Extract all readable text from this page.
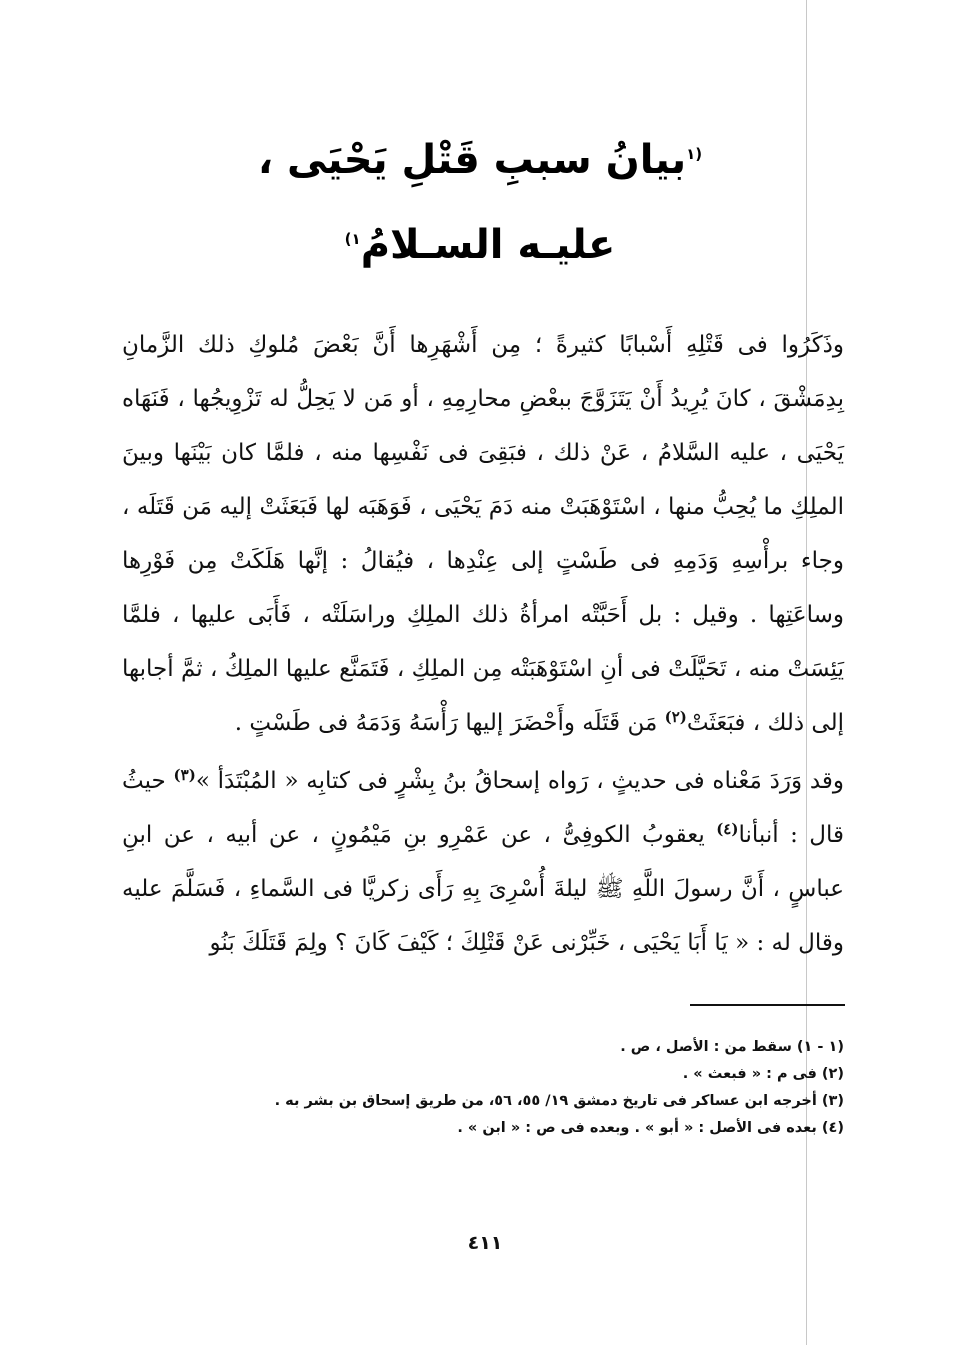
$^{(١}$بيانُ سببِ قَتْلِ يَحْيَى ،
عليـه السـلامُ$^{١)}$

وذَكَرُوا فى قَتْلِهِ أَسْبابًا كثيرةً ؛ مِن أَشْهَرِها أَنَّ بَعْضَ مُلوكِ ذلك الزَّمانِ بِدِمَشْقَ ، كانَ يُرِيدُ أَنْ يَتَزَوَّجَ ببعْضِ محارِمِهِ ، أو مَن لا يَحِلُّ له تَزْوِيجُها ، فَنَهَاه يَحْيَى ، عليه السَّلامُ ، عَنْ ذلك ، فبَقِىَ فى نَفْسِها منه ، فلمَّا كان بَيْنَها وبينَ الملِكِ ما يُحِبُّ منها ، اسْتَوْهَبَتْ منه دَمَ يَحْيَى ، فَوَهَبَه لها فَبَعَثَتْ إليه مَن قَتَلَه ، وجاء برأْسِهِ وَدَمِهِ فى طَسْتٍ إلى عِنْدِها ، فيُقالُ : إنَّها هَلَكَتْ مِن فَوْرِها وساعَتِها . وقيل : بل أَحَبَّتْه امرأةُ ذلك الملِكِ وراسَلَتْه ، فَأَبَى عليها ، فلمَّا يَئِسَتْ منه ، تَحَيَّلَتْ فى أنِ اسْتَوْهَبَتْه مِن الملِكِ ، فَتَمَنَّع عليها الملِكُ ، ثمَّ أجابها إلى ذلك ، فبَعَثَتْ$^{(٢)}$ مَن قَتَلَه وأَحْضَرَ إليها رَأْسَهُ وَدَمَهُ فى طَسْتٍ .

وقد وَرَدَ مَعْناه فى حديثٍ ، رَواه إسحاقُ بنُ بِشْرٍ فى كتابِه « المُبْتَدَأ »$^{(٣)}$ حيثُ قال : أنبأنا$^{(٤)}$ يعقوبُ الكوفِىُّ ، عن عَمْرِو بنِ مَيْمُونٍ ، عن أبيه ، عن ابنِ عباسٍ ، أَنَّ رسولَ اللَّهِ ﷺ ليلةَ أُسْرِىَ بِهِ رَأَى زكريَّا فى السَّماءِ ، فَسَلَّمَ عليه وقال له : « يَا أَبَا يَحْيَى ، خَبِّرْنى عَنْ قَتْلِكَ ؛ كَيْفَ كَانَ ؟ ولِمَ قَتَلَكَ بَنُو

(١ - ١) سقط من : الأصل ، ص .

(٢) فى م : « فبعث » .

(٣) أخرجه ابن عساكر فى تاريخ دمشق ١٩/ ٥٥، ٥٦، من طريق إسحاق بن بشر به .

(٤) بعده فى الأصل : « أبو » . وبعده فى ص : « ابن » .

٤١١
